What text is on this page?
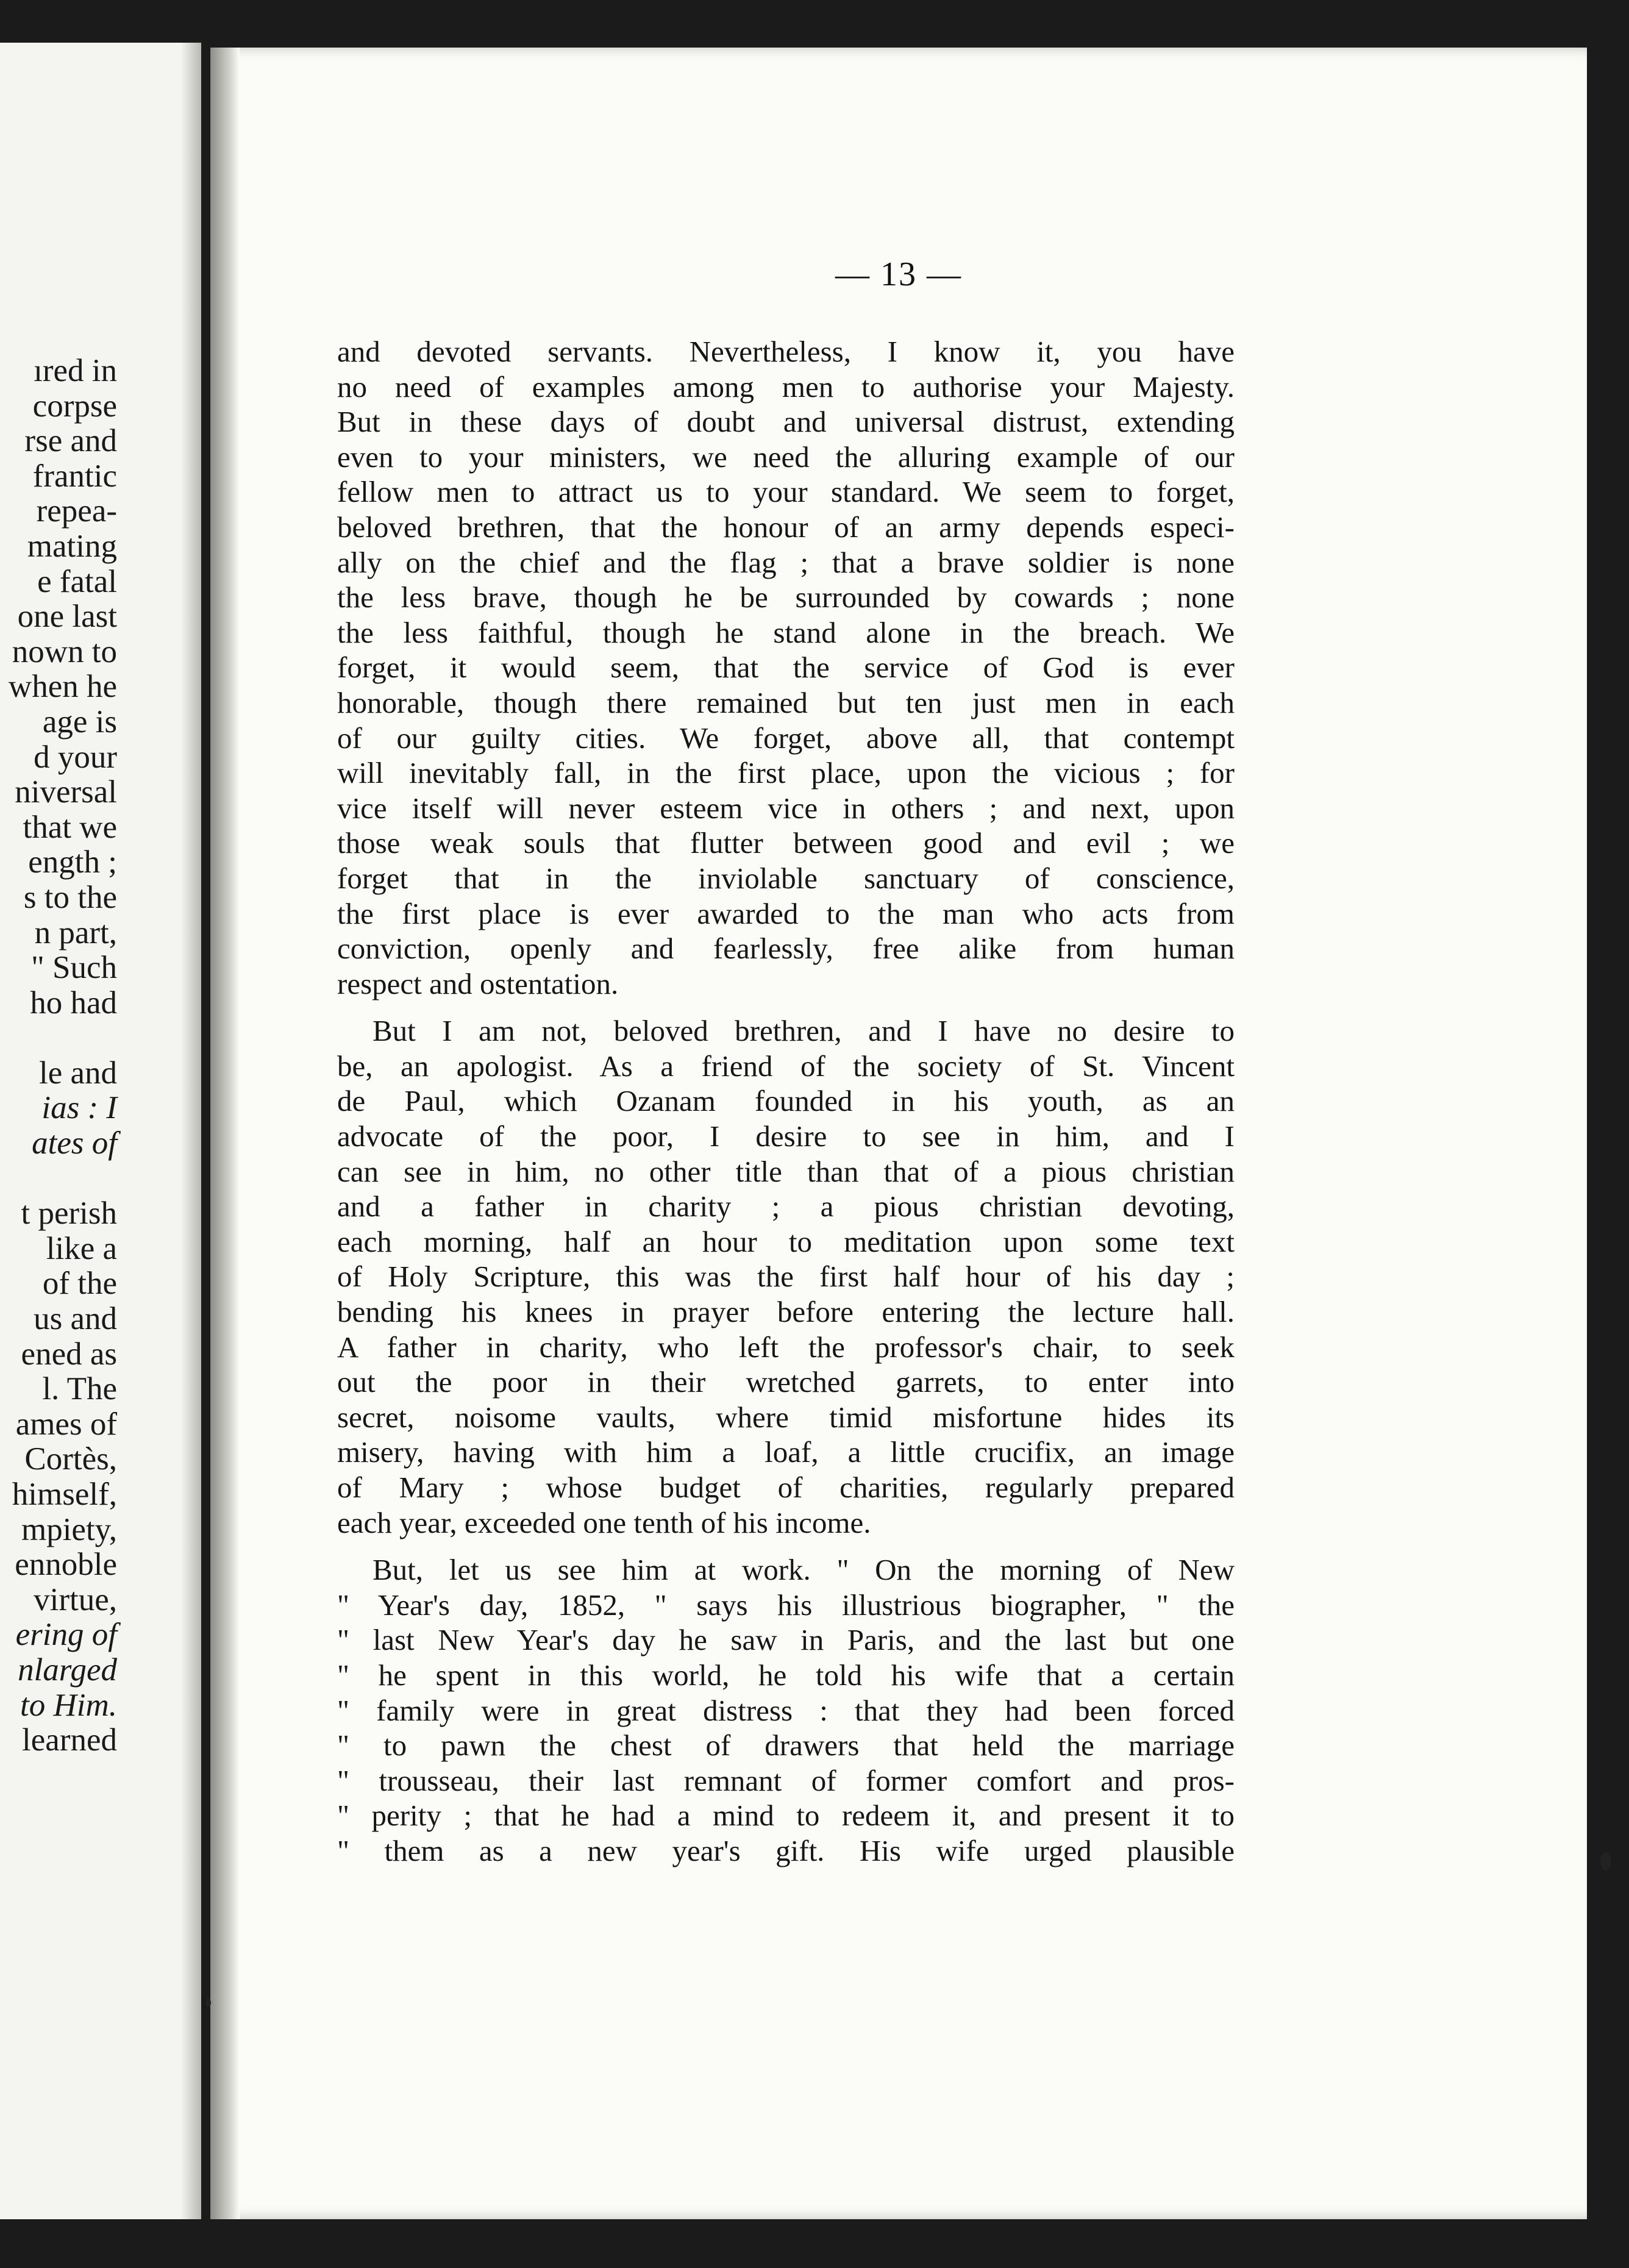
ıred in
corpse
rse and
frantic
repea-
mating
e fatal
one last
nown to
when he
age is
d your
niversal
that we
ength ;
s to the
n part,
" Such
ho had
le and
ias : I
ates of
t perish
like a
of the
us and
ened as
l. The
ames of
Cortès,
himself,
mpiety,
ennoble
virtue,
ering of
nlarged
to Him.
learned
— 13 —
and devoted servants. Nevertheless, I know it, you have
no need of examples among men to authorise your Majesty.
But in these days of doubt and universal distrust, extending
even to your ministers, we need the alluring example of our
fellow men to attract us to your standard. We seem to forget,
beloved brethren, that the honour of an army depends especi-
ally on the chief and the flag ; that a brave soldier is none
the less brave, though he be surrounded by cowards ; none
the less faithful, though he stand alone in the breach. We
forget, it would seem, that the service of God is ever
honorable, though there remained but ten just men in each
of our guilty cities. We forget, above all, that contempt
will inevitably fall, in the first place, upon the vicious ; for
vice itself will never esteem vice in others ; and next, upon
those weak souls that flutter between good and evil ; we
forget that in the inviolable sanctuary of conscience,
the first place is ever awarded to the man who acts from
conviction, openly and fearlessly, free alike from human
respect and ostentation.
But I am not, beloved brethren, and I have no desire to
be, an apologist. As a friend of the society of St. Vincent
de Paul, which Ozanam founded in his youth, as an
advocate of the poor, I desire to see in him, and I
can see in him, no other title than that of a pious christian
and a father in charity ; a pious christian devoting,
each morning, half an hour to meditation upon some text
of Holy Scripture, this was the first half hour of his day ;
bending his knees in prayer before entering the lecture hall.
A father in charity, who left the professor's chair, to seek
out the poor in their wretched garrets, to enter into
secret, noisome vaults, where timid misfortune hides its
misery, having with him a loaf, a little crucifix, an image
of Mary ; whose budget of charities, regularly prepared
each year, exceeded one tenth of his income.
But, let us see him at work. " On the morning of New
" Year's day, 1852, " says his illustrious biographer, " the
" last New Year's day he saw in Paris, and the last but one
" he spent in this world, he told his wife that a certain
" family were in great distress : that they had been forced
" to pawn the chest of drawers that held the marriage
" trousseau, their last remnant of former comfort and pros-
" perity ; that he had a mind to redeem it, and present it to
" them as a new year's gift. His wife urged plausible
